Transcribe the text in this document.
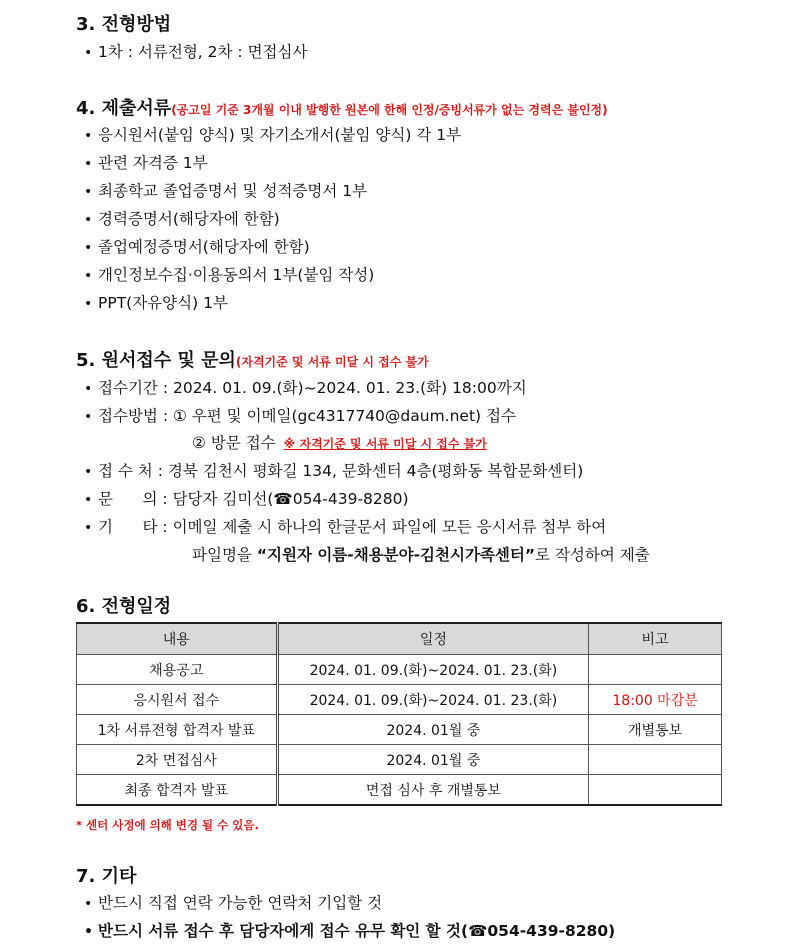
3. 전형방법
• 1차 : 서류전형, 2차 : 면접심사
4. 제출서류(공고일 기준 3개월 이내 발행한 원본에 한해 인정/증빙서류가 없는 경력은 불인정)
• 응시원서(붙임 양식) 및 자기소개서(붙임 양식) 각 1부
• 관련 자격증 1부
• 최종학교 졸업증명서 및 성적증명서 1부
• 경력증명서(해당자에 한함)
• 졸업예정증명서(해당자에 한함)
• 개인정보수집·이용동의서 1부(붙임 작성)
• PPT(자유양식) 1부
5. 원서접수 및 문의(자격기준 및 서류 미달 시 접수 불가
• 접수기간 : 2024. 01. 09.(화)~2024. 01. 23.(화) 18:00까지
• 접수방법 : ① 우편 및 이메일(gc4317740@daum.net) 접수
② 방문 접수 ※ 자격기준 및 서류 미달 시 접수 불가
• 접 수 처 : 경북 김천시 평화길 134, 문화센터 4층(평화동 복합문화센터)
• 문      의 : 담당자 김미선(☎054-439-8280)
• 기      타 : 이메일 제출 시 하나의 한글문서 파일에 모든 응시서류 첨부 하여
파일명을 “지원자 이름-채용분야-김천시가족센터”로 작성하여 제출
6. 전형일정
내용	일정	비고
채용공고	2024. 01. 09.(화)~2024. 01. 23.(화)	
응시원서 접수	2024. 01. 09.(화)~2024. 01. 23.(화)	18:00 마감분
1차 서류전형 합격자 발표	2024. 01월 중	개별통보
2차 면접심사	2024. 01월 중	
최종 합격자 발표	면접 심사 후 개별통보	
* 센터 사정에 의해 변경 될 수 있음.
7. 기타
• 반드시 직접 연락 가능한 연락처 기입할 것
• 반드시 서류 접수 후 담당자에게 접수 유무 확인 할 것(☎054-439-8280)
